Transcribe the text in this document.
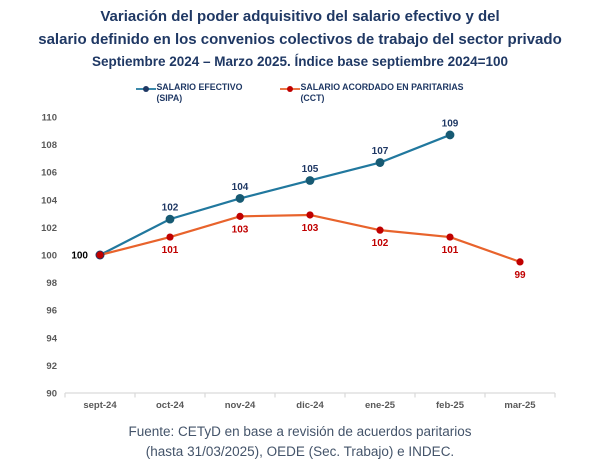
Variación del poder adquisitivo del salario efectivo y del
salario definido en los convenios colectivos de trabajo del sector privado
Septiembre 2024 – Marzo 2025. Índice base septiembre 2024=100
SALARIO EFECTIVO
(SIPA)
SALARIO ACORDADO EN PARITARIAS
(CCT)
90
92
94
96
98
100
102
104
106
108
110
sept-24	oct-24	nov-24	dic-24	ene-25	feb-25	mar-25
102
104
105
107
109
101
103	103
102
101
99
100
Fuente: CETyD en base a revisión de acuerdos paritarios
(hasta 31/03/2025), OEDE (Sec. Trabajo) e INDEC.
